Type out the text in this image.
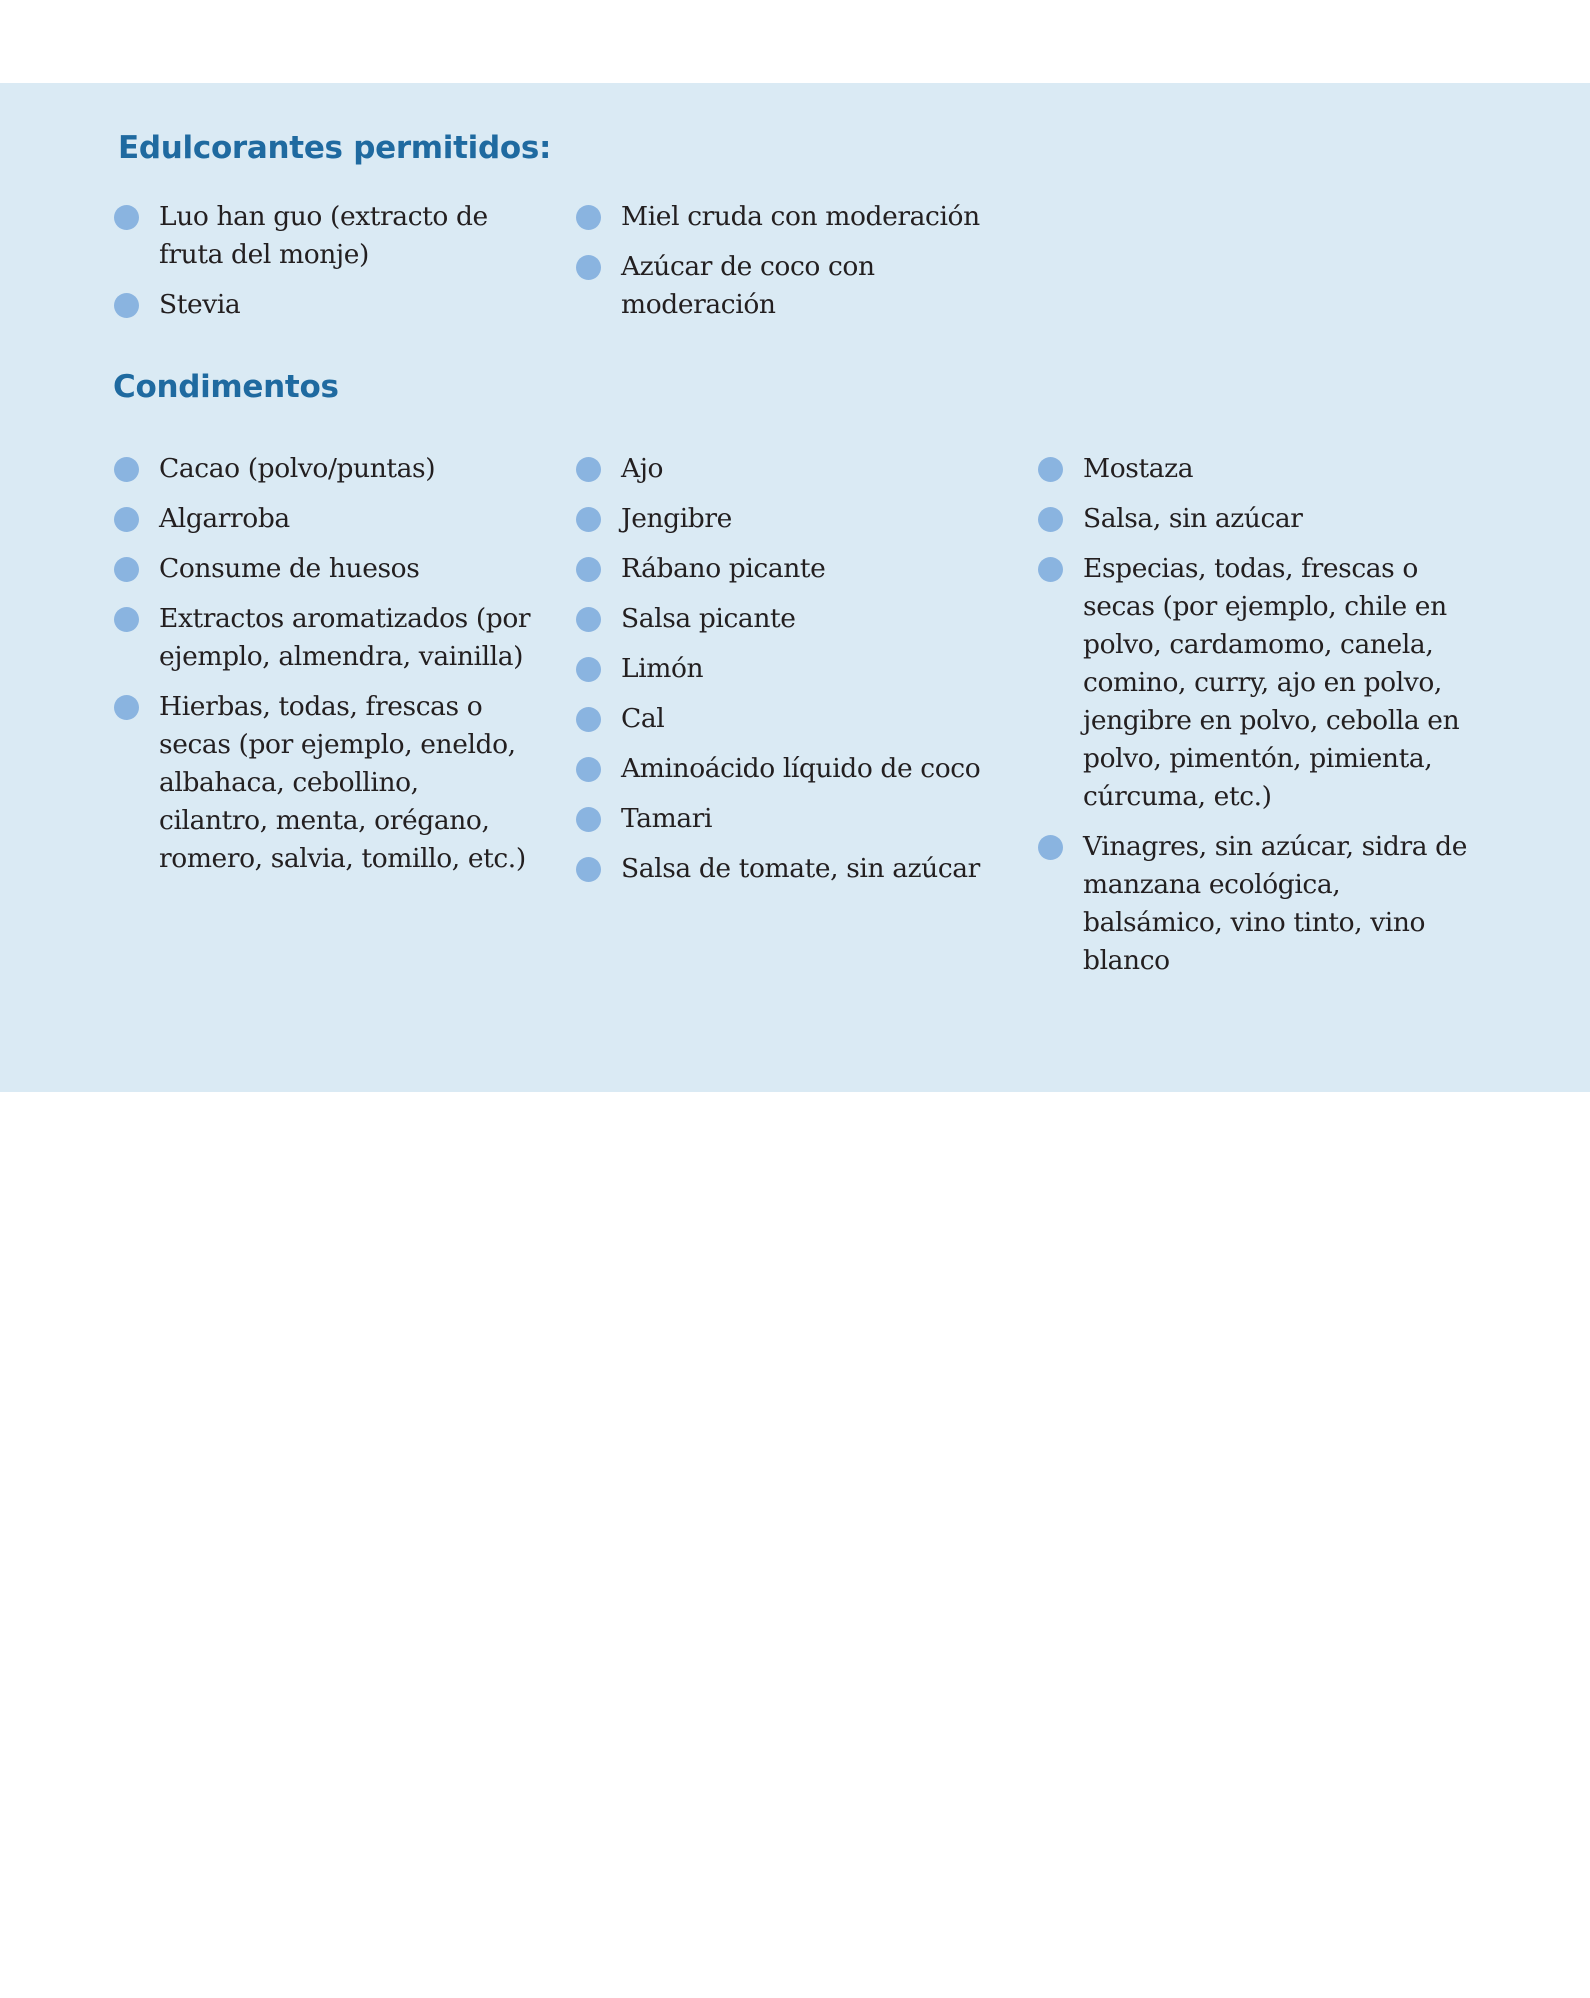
Edulcorantes permitidos:
Luo han guo (extracto de fruta del monje)
Stevia
Miel cruda con moderación
Azúcar de coco con moderación
Condimentos
Cacao (polvo/puntas)
Algarroba
Consume de huesos
Extractos aromatizados (por ejemplo, almendra, vainilla)
Hierbas, todas, frescas o secas (por ejemplo, eneldo, albahaca, cebollino, cilantro, menta, orégano, romero, salvia, tomillo, etc.)
Ajo
Jengibre
Rábano picante
Salsa picante
Limón
Cal
Aminoácido líquido de coco
Tamari
Salsa de tomate, sin azúcar
Mostaza
Salsa, sin azúcar
Especias, todas, frescas o secas (por ejemplo, chile en polvo, cardamomo, canela, comino, curry, ajo en polvo, jengibre en polvo, cebolla en polvo, pimentón, pimienta, cúrcuma, etc.)
Vinagres, sin azúcar, sidra de manzana ecológica, balsámico, vino tinto, vino blanco
